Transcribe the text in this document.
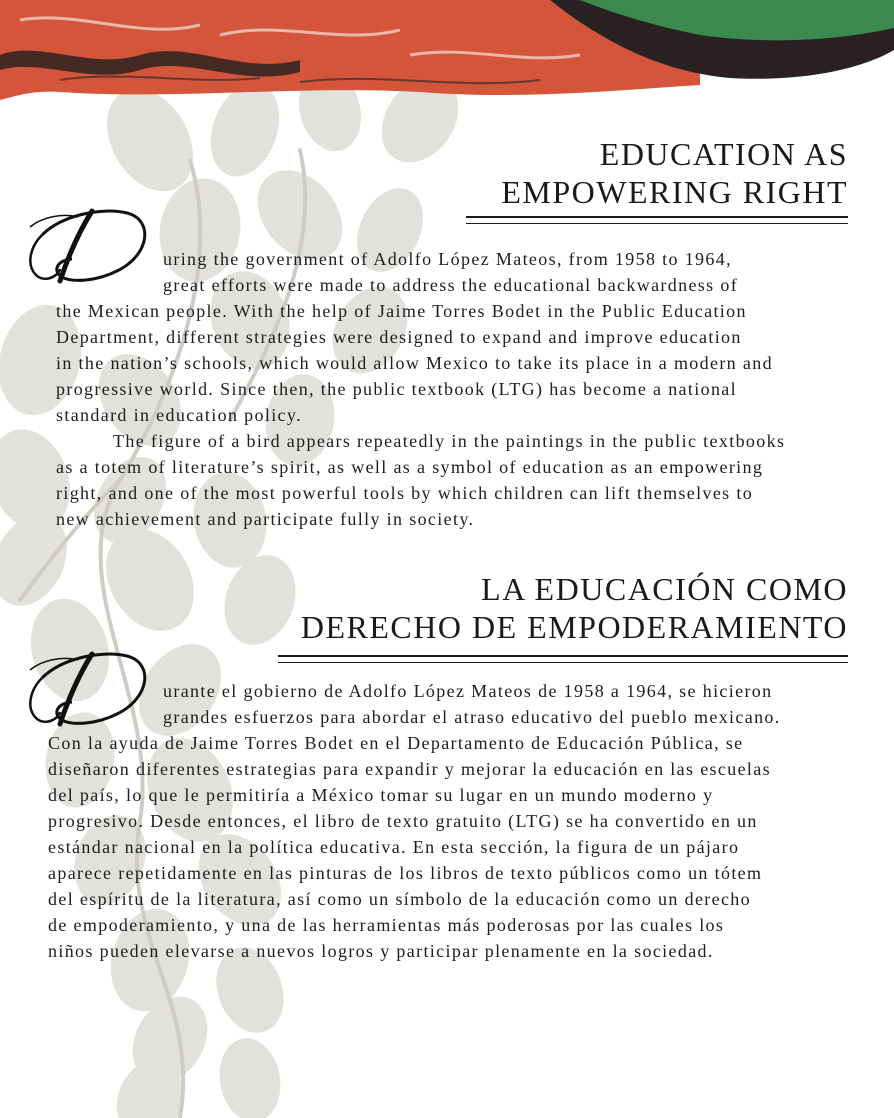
EDUCATION AS
EMPOWERING RIGHT

uring the government of Adolfo López Mateos, from 1958 to 1964,
great efforts were made to address the educational backwardness of
the Mexican people. With the help of Jaime Torres Bodet in the Public Education
Department, different strategies were designed to expand and improve education
in the nation’s schools, which would allow Mexico to take its place in a modern and
progressive world. Since then, the public textbook (LTG) has become a national
standard in education policy.

The figure of a bird appears repeatedly in the paintings in the public textbooks
as a totem of literature’s spirit, as well as a symbol of education as an empowering
right, and one of the most powerful tools by which children can lift themselves to
new achievement and participate fully in society.

LA EDUCACIÓN COMO
DERECHO DE EMPODERAMIENTO

urante el gobierno de Adolfo López Mateos de 1958 a 1964, se hicieron
grandes esfuerzos para abordar el atraso educativo del pueblo mexicano.
Con la ayuda de Jaime Torres Bodet en el Departamento de Educación Pública, se
diseñaron diferentes estrategias para expandir y mejorar la educación en las escuelas
del país, lo que le permitiría a México tomar su lugar en un mundo moderno y
progresivo. Desde entonces, el libro de texto gratuito (LTG) se ha convertido en un
estándar nacional en la política educativa. En esta sección, la figura de un pájaro
aparece repetidamente en las pinturas de los libros de texto públicos como un tótem
del espíritu de la literatura, así como un símbolo de la educación como un derecho
de empoderamiento, y una de las herramientas más poderosas por las cuales los
niños pueden elevarse a nuevos logros y participar plenamente en la sociedad.
